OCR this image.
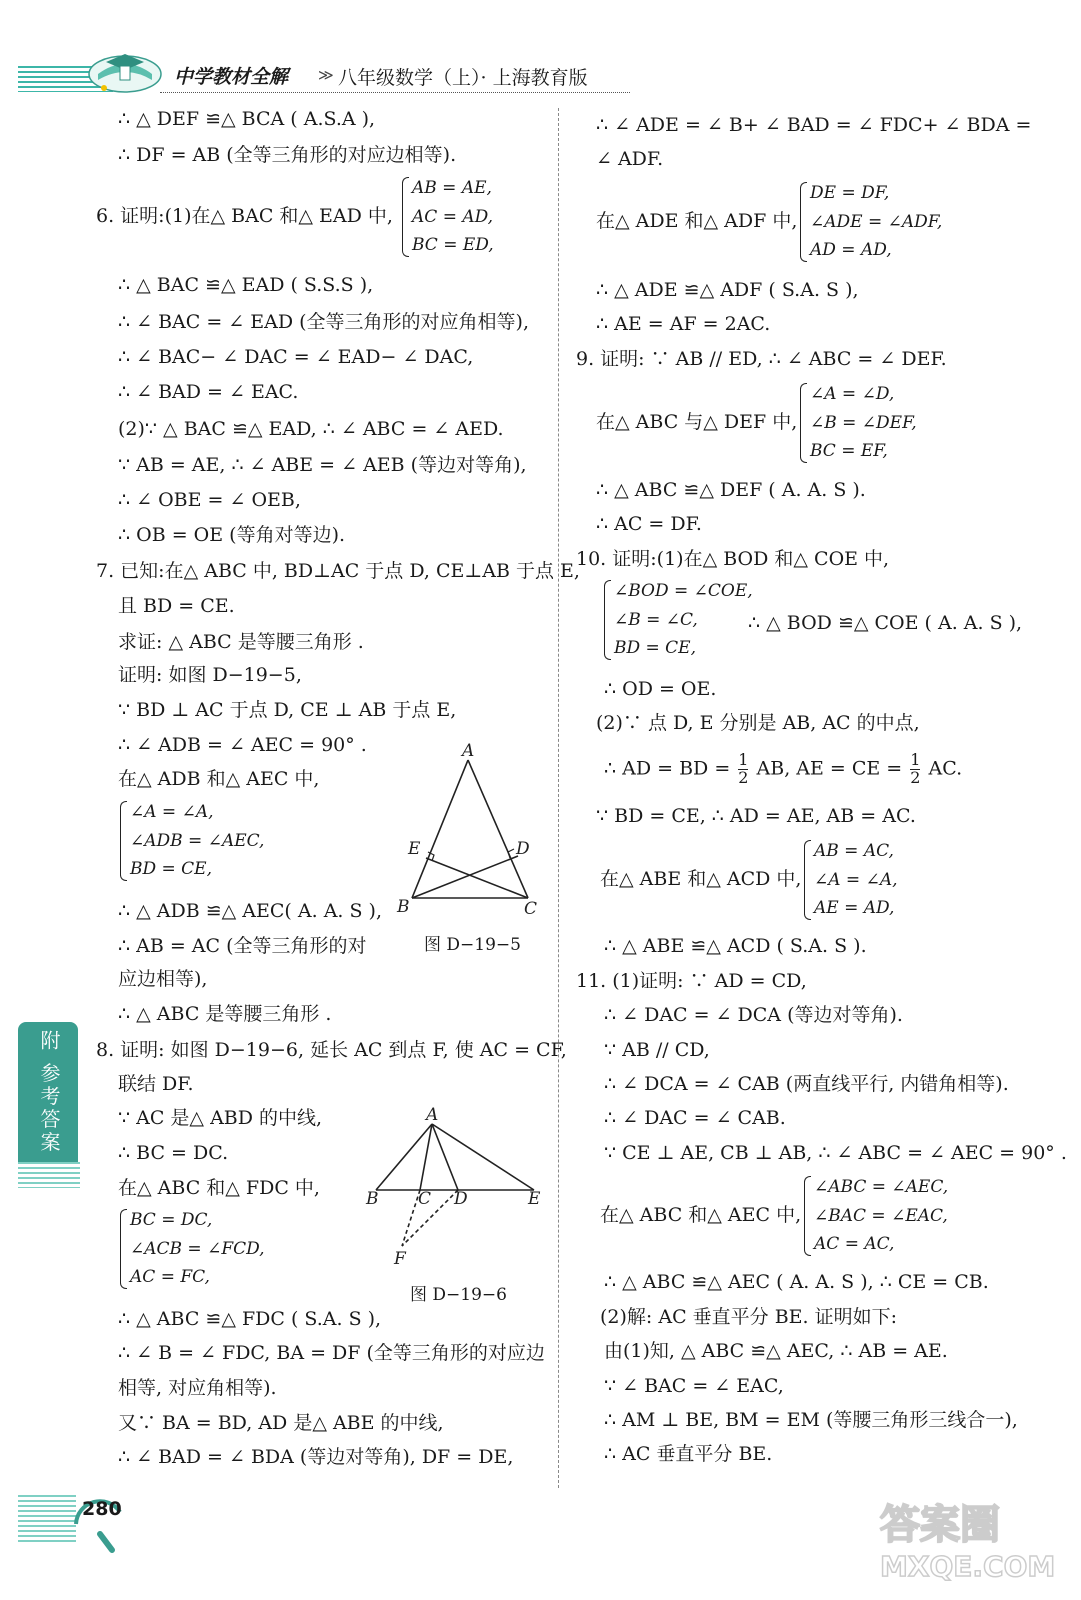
中学教材全解 ≫ 八年级数学（上）· 上海教育版
∴ △ DEF ≌△ BCA ( A.S.A ),
∴ DF = AB (全等三角形的对应边相等).
6. 证明:(1)在△ BAC 和△ EAD 中,
∴ △ BAC ≌△ EAD ( S.S.S ),
∴ ∠ BAC = ∠ EAD (全等三角形的对应角相等),
∴ ∠ BAC− ∠ DAC = ∠ EAD− ∠ DAC,
∴ ∠ BAD = ∠ EAC.
(2)∵ △ BAC ≌△ EAD, ∴ ∠ ABC = ∠ AED.
∵ AB = AE, ∴ ∠ ABE = ∠ AEB (等边对等角),
∴ ∠ OBE = ∠ OEB,
∴ OB = OE (等角对等边).
7. 已知:在△ ABC 中, BD⊥AC 于点 D, CE⊥AB 于点 E,
且 BD = CE.
求证: △ ABC 是等腰三角形 .
证明: 如图 D−19−5,
∵ BD ⊥ AC 于点 D, CE ⊥ AB 于点 E,
∴ ∠ ADB = ∠ AEC = 90° .
在△ ADB 和△ AEC 中,
∴ △ ADB ≌△ AEC( A. A. S ),
∴ AB = AC (全等三角形的对
应边相等),
∴ △ ABC 是等腰三角形 .
8. 证明: 如图 D−19−6, 延长 AC 到点 F, 使 AC = CF,
联结 DF.
∵ AC 是△ ABD 的中线,
∴ BC = DC.
在△ ABC 和△ FDC 中,
∴ △ ABC ≌△ FDC ( S.A. S ),
∴ ∠ B = ∠ FDC, BA = DF (全等三角形的对应边
相等, 对应角相等).
又∵ BA = BD, AD 是△ ABE 的中线,
∴ ∠ BAD = ∠ BDA (等边对等角), DF = DE,
AB = AE,
AC = AD,
BC = ED,
∠A = ∠A,
∠ADB = ∠AEC,
BD = CE,
BC = DC,
∠ACB = ∠FCD,
AC = FC,
∴ ∠ ADE = ∠ B+ ∠ BAD = ∠ FDC+ ∠ BDA =
∠ ADF.
在△ ADE 和△ ADF 中,
∴ △ ADE ≌△ ADF ( S.A. S ),
∴ AE = AF = 2AC.
9. 证明: ∵ AB // ED, ∴ ∠ ABC = ∠ DEF.
在△ ABC 与△ DEF 中,
∴ △ ABC ≌△ DEF ( A. A. S ).
∴ AC = DF.
10. 证明:(1)在△ BOD 和△ COE 中,
∴ △ BOD ≌△ COE ( A. A. S ),
∴ OD = OE.
(2)∵ 点 D, E 分别是 AB, AC 的中点,
∵ BD = CE, ∴ AD = AE, AB = AC.
在△ ABE 和△ ACD 中,
∴ △ ABE ≌△ ACD ( S.A. S ).
11. (1)证明: ∵ AD = CD,
∴ ∠ DAC = ∠ DCA (等边对等角).
∵ AB // CD,
∴ ∠ DCA = ∠ CAB (两直线平行, 内错角相等).
∴ ∠ DAC = ∠ CAB.
∵ CE ⊥ AE, CB ⊥ AB, ∴ ∠ ABC = ∠ AEC = 90° .
在△ ABC 和△ AEC 中,
∴ △ ABC ≌△ AEC ( A. A. S ), ∴ CE = CB.
(2)解: AC 垂直平分 BE. 证明如下:
由(1)知, △ ABC ≌△ AEC, ∴ AB = AE.
∵ ∠ BAC = ∠ EAC,
∴ AM ⊥ BE, BM = EM (等腰三角形三线合一),
∴ AC 垂直平分 BE.
DE = DF,
∠ADE = ∠ADF,
AD = AD,
∠A = ∠D,
∠B = ∠DEF,
BC = EF,
∠BOD = ∠COE,
∠B = ∠C,
BD = CE,
AB = AC,
∠A = ∠A,
AE = AD,
∠ABC = ∠AEC,
∠BAC = ∠EAC,
AC = AC,
∴ AD = BD = $\frac{1}{2}$ AB, AE = CE = $\frac{1}{2}$ AC.
A
B	C
D
E
图 D−19−5
A
B C D	E
F
图 D−19−6
附 参考答案
280	答案圈
MXQE.COM
